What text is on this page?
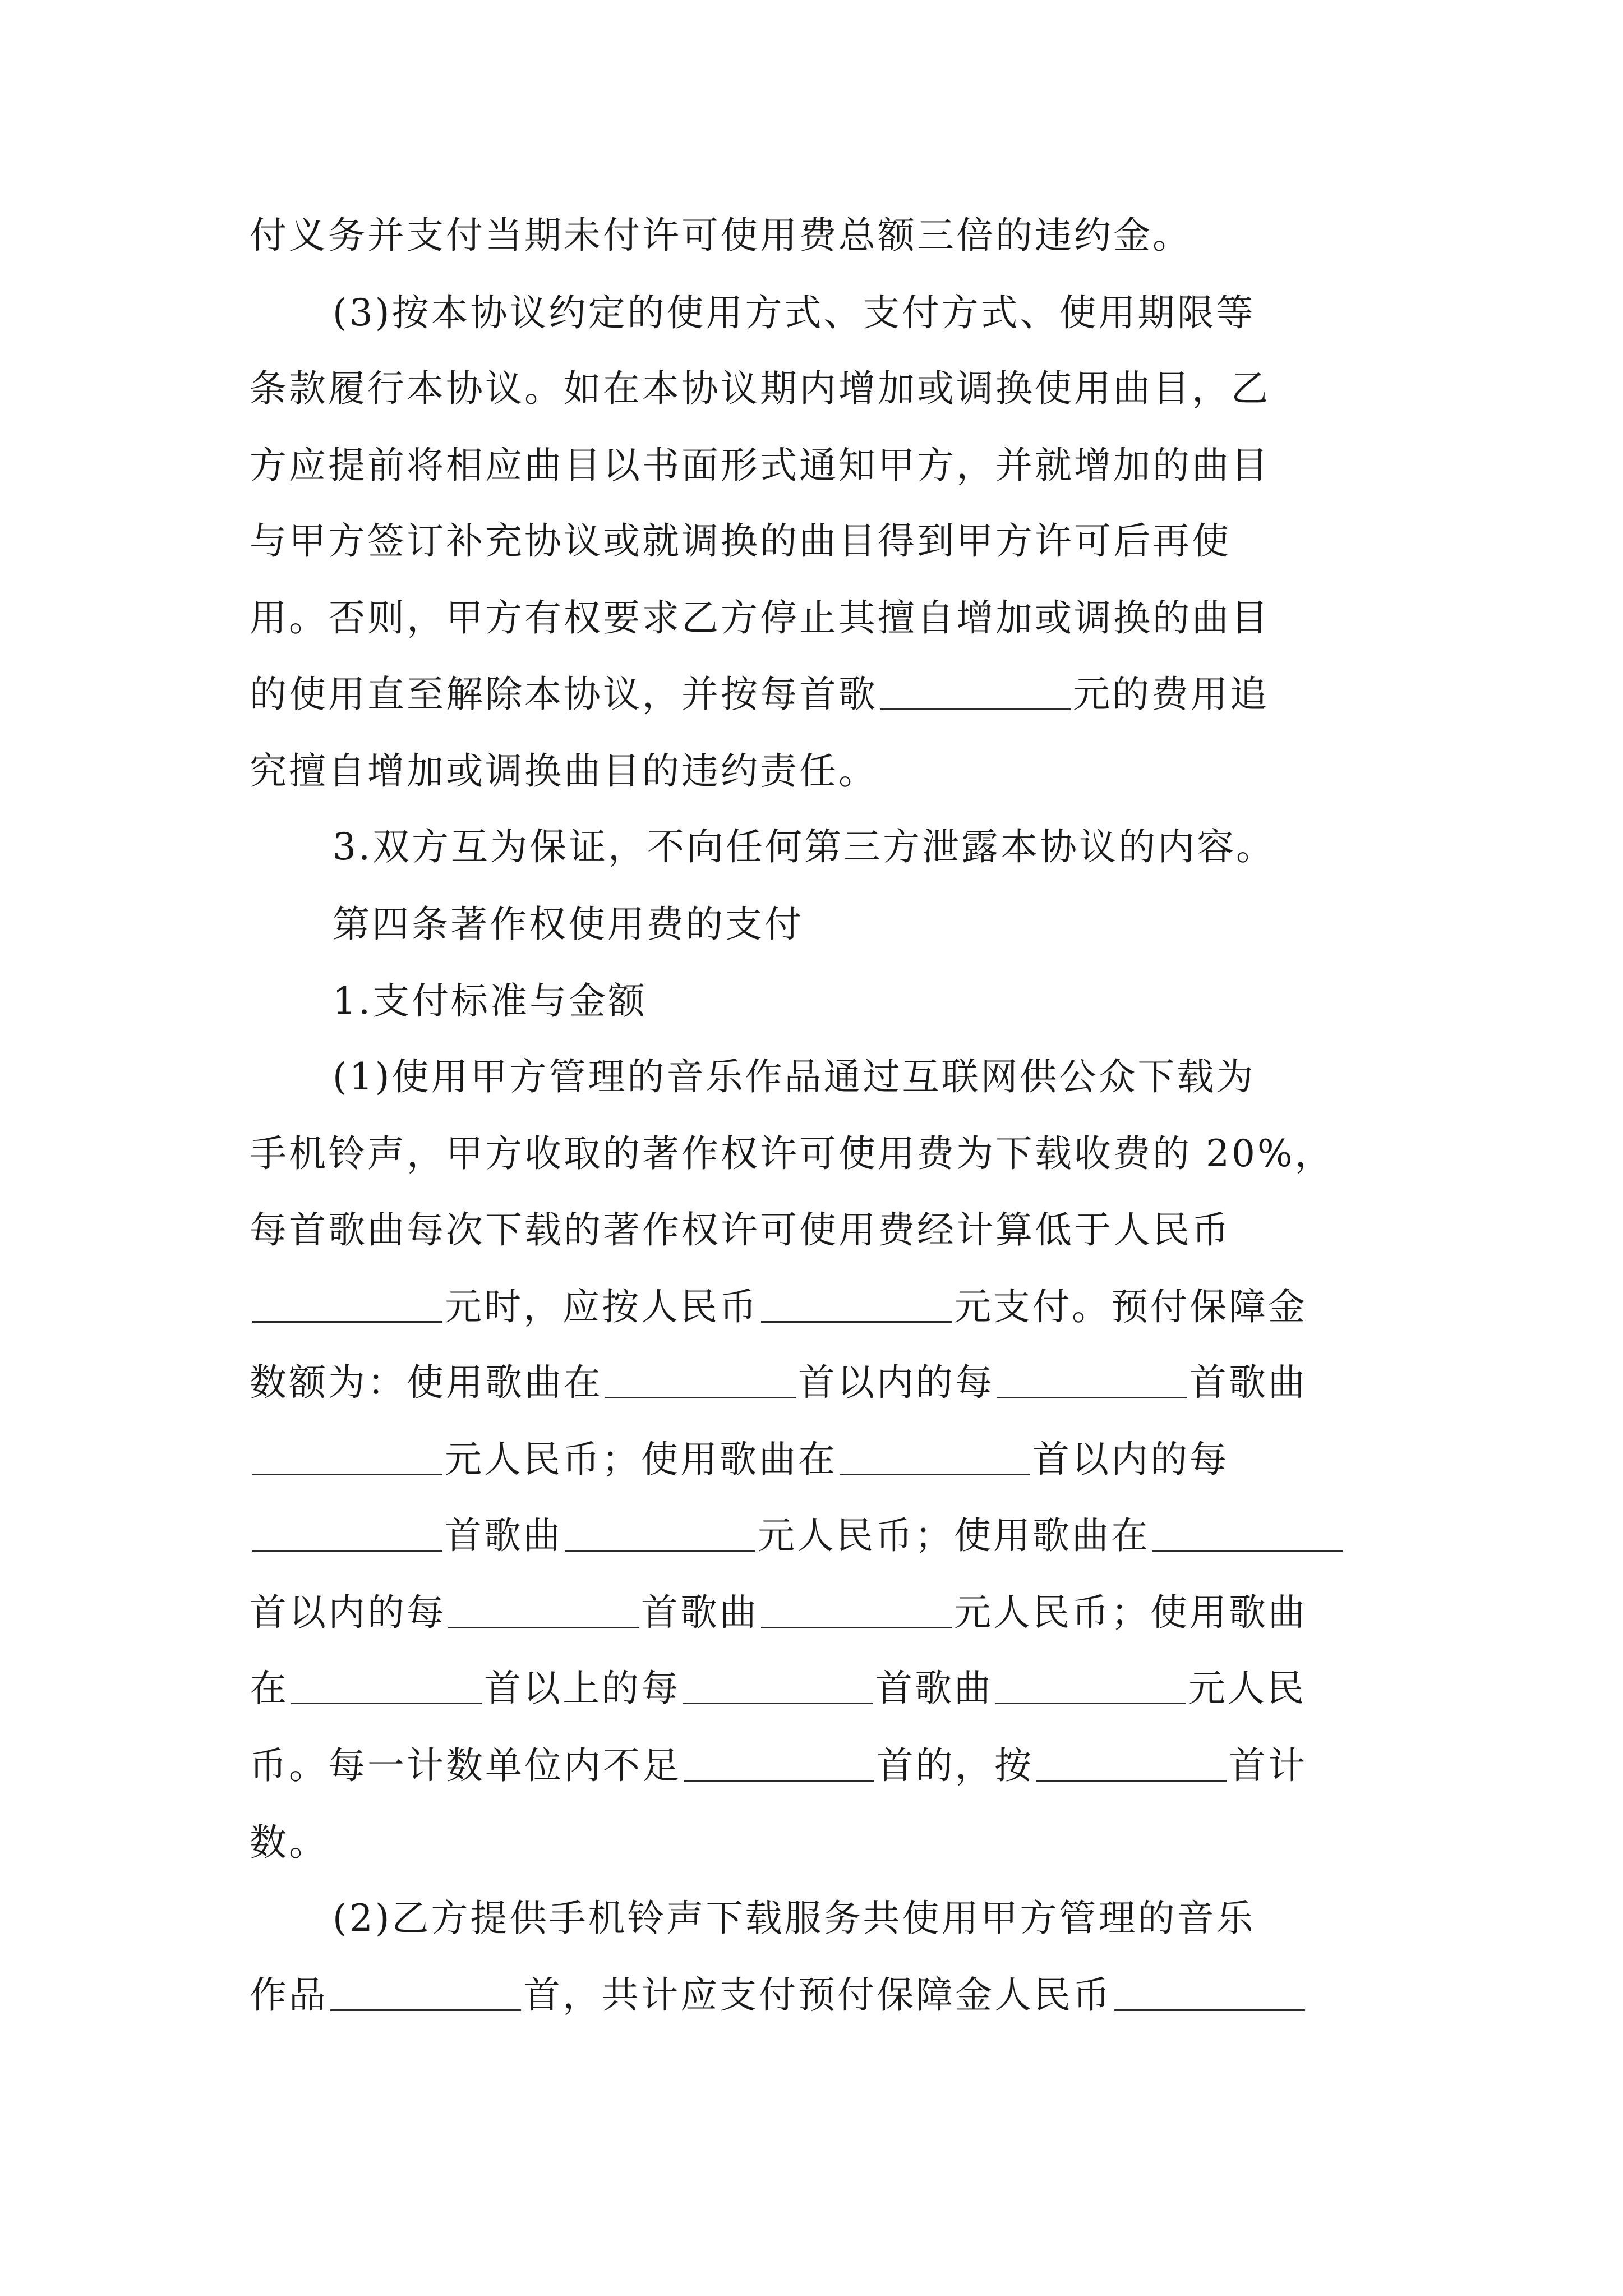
付义务并支付当期未付许可使用费总额三倍的违约金。
(3)按本协议约定的使用方式、支付方式、使用期限等
条款履行本协议。如在本协议期内增加或调换使用曲目，乙
方应提前将相应曲目以书面形式通知甲方，并就增加的曲目
与甲方签订补充协议或就调换的曲目得到甲方许可后再使
用。否则，甲方有权要求乙方停止其擅自增加或调换的曲目
的使用直至解除本协议，并按每首歌	元的费用追
究擅自增加或调换曲目的违约责任。
3.双方互为保证，不向任何第三方泄露本协议的内容。
第四条著作权使用费的支付
1.支付标准与金额
(1)使用甲方管理的音乐作品通过互联网供公众下载为
手机铃声，甲方收取的著作权许可使用费为下载收费的 20%，
每首歌曲每次下载的著作权许可使用费经计算低于人民币
元时，应按人民币	元支付。预付保障金
数额为：使用歌曲在	首以内的每	首歌曲
元人民币；使用歌曲在	首以内的每
首歌曲	元人民币；使用歌曲在
首以内的每	首歌曲	元人民币；使用歌曲
在	首以上的每	首歌曲	元人民
币。每一计数单位内不足	首的，按	首计
数。
(2)乙方提供手机铃声下载服务共使用甲方管理的音乐
作品	首，共计应支付预付保障金人民币
